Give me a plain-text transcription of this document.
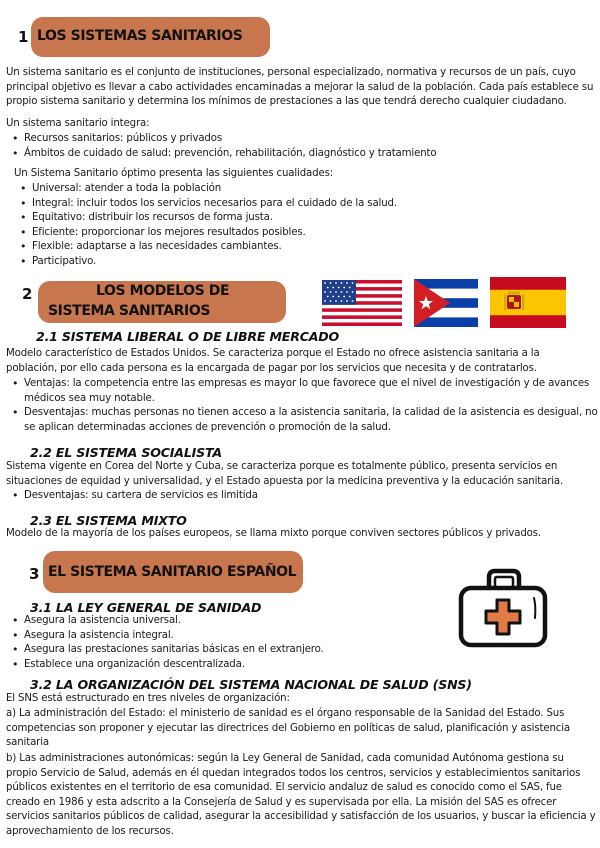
1 LOS SISTEMAS SANITARIOS

Un sistema sanitario es el conjunto de instituciones, personal especializado, normativa y recursos de un país, cuyo principal objetivo es llevar a cabo actividades encaminadas a mejorar la salud de la población. Cada país establece su propio sistema sanitario y determina los mínimos de prestaciones a las que tendrá derecho cualquier ciudadano.

Un sistema sanitario integra:

• Recursos sanitarios: públicos y privados
• Ámbitos de cuidado de salud: prevención, rehabilitación, diagnóstico y tratamiento

Un Sistema Sanitario óptimo presenta las siguientes cualidades:

• Universal: atender a toda la población
• Integral: incluir todos los servicios necesarios para el cuidado de la salud.
• Equitativo: distribuir los recursos de forma justa.
• Eficiente: proporcionar los mejores resultados posibles.
• Flexible: adaptarse a las necesidades cambiantes.
• Participativo.
2	LOS MODELOS DE
SISTEMA SANITARIOS
2.1 SISTEMA LIBERAL O DE LIBRE MERCADO

Modelo característico de Estados Unidos. Se caracteriza porque el Estado no ofrece asistencia sanitaria a la población, por ello cada persona es la encargada de pagar por los servicios que necesita y de contratarlos.

• Ventajas: la competencia entre las empresas es mayor lo que favorece que el nivel de investigación y de avances médicos sea muy notable.
• Desventajas: muchas personas no tienen acceso a la asistencia sanitaria, la calidad de la asistencia es desigual, no se aplican determinadas acciones de prevención o promoción de la salud.
2.2 EL SISTEMA SOCIALISTA

Sistema vigente en Corea del Norte y Cuba, se caracteriza porque es totalmente público, presenta servicios en situaciones de equidad y universalidad, y el Estado apuesta por la medicina preventiva y la educación sanitaria.

• Desventajas: su cartera de servicios es limitida
2.3 EL SISTEMA MIXTO

Modelo de la mayoría de los países europeos, se llama mixto porque conviven sectores públicos y privados.

3 EL SISTEMA SANITARIO ESPAÑOL
3.1 LA LEY GENERAL DE SANIDAD
• Asegura la asistencia universal.
• Asegura la asistencia integral.
• Asegura las prestaciones sanitarias básicas en el extranjero.
• Establece una organización descentralizada.
3.2 LA ORGANIZACIÓN DEL SISTEMA NACIONAL DE SALUD (SNS)

El SNS está estructurado en tres niveles de organización:

a) La administración del Estado: el ministerio de sanidad es el órgano responsable de la Sanidad del Estado. Sus competencias son proponer y ejecutar las directrices del Gobierno en políticas de salud, planificación y asistencia sanitaria

b) Las administraciones autonómicas: según la Ley General de Sanidad, cada comunidad Autónoma gestiona su propio Servicio de Salud, además en él quedan integrados todos los centros, servicios y establecimientos sanitarios públicos existentes en el territorio de esa comunidad. El servicio andaluz de salud es conocido como el SAS, fue creado en 1986 y esta adscrito a la Consejería de Salud y es supervisada por ella. La misión del SAS es ofrecer servicios sanitarios públicos de calidad, asegurar la accesibilidad y satisfacción de los usuarios, y buscar la eficiencia y aprovechamiento de los recursos.
